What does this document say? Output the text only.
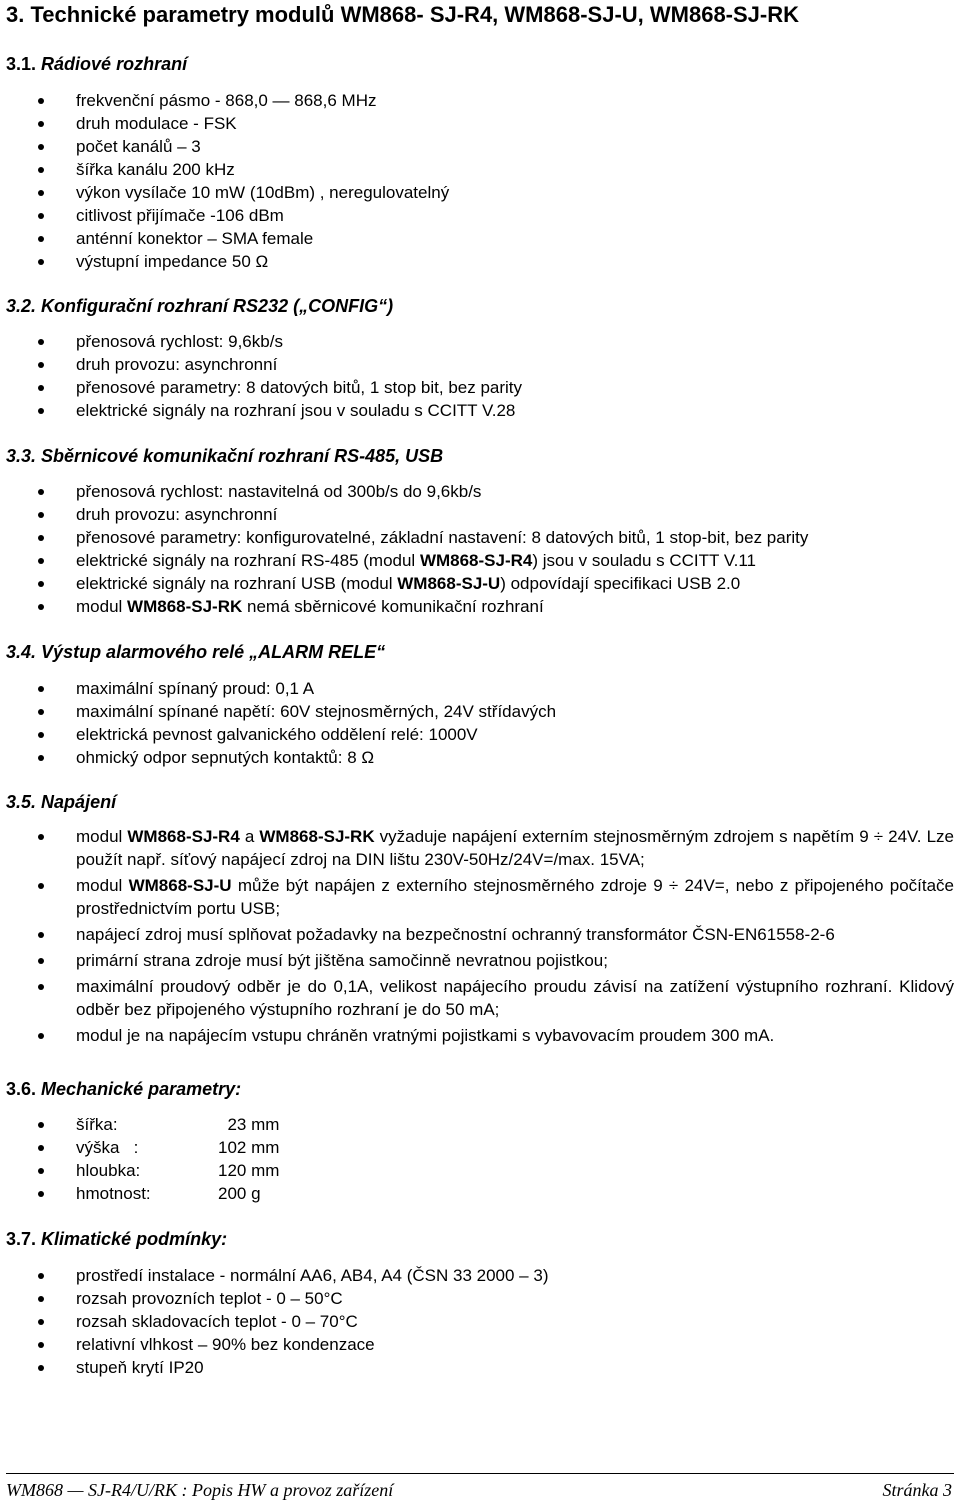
3. Technické parametry modulů WM868- SJ-R4, WM868-SJ-U, WM868-SJ-RK
3.1. Rádiové rozhraní
frekvenční pásmo - 868,0 — 868,6 MHz
druh modulace - FSK
počet kanálů – 3
šířka kanálu 200 kHz
výkon vysílače 10 mW (10dBm) , neregulovatelný
citlivost přijímače -106 dBm
anténní konektor – SMA female
výstupní impedance 50 Ω
3.2. Konfigurační rozhraní RS232 („CONFIG“)
přenosová rychlost: 9,6kb/s
druh provozu: asynchronní
přenosové parametry: 8 datových bitů, 1 stop bit, bez parity
elektrické signály na rozhraní jsou v souladu s CCITT V.28
3.3. Sběrnicové komunikační rozhraní RS-485, USB
přenosová rychlost: nastavitelná od 300b/s do 9,6kb/s
druh provozu: asynchronní
přenosové parametry: konfigurovatelné, základní nastavení: 8 datových bitů, 1 stop-bit, bez parity
elektrické signály na rozhraní RS-485 (modul WM868-SJ-R4) jsou v souladu s CCITT V.11
elektrické signály na rozhraní USB (modul WM868-SJ-U) odpovídají specifikaci USB 2.0
modul WM868-SJ-RK nemá sběrnicové komunikační rozhraní
3.4. Výstup alarmového relé „ALARM RELE“
maximální spínaný proud: 0,1 A
maximální spínané napětí: 60V stejnosměrných, 24V střídavých
elektrická pevnost galvanického oddělení relé: 1000V
ohmický odpor sepnutých kontaktů: 8 Ω
3.5. Napájení
modul WM868-SJ-R4 a WM868-SJ-RK vyžaduje napájení externím stejnosměrným zdrojem s napětím 9 ÷ 24V. Lze použít např. síťový napájecí zdroj na DIN lištu 230V-50Hz/24V=/max. 15VA;
modul WM868-SJ-U může být napájen z externího stejnosměrného zdroje 9 ÷ 24V=, nebo z připojeného počítače prostřednictvím portu USB;
napájecí zdroj musí splňovat požadavky na bezpečnostní ochranný transformátor ČSN-EN61558-2-6
primární strana zdroje musí být jištěna samočinně nevratnou pojistkou;
maximální proudový odběr je do 0,1A, velikost napájecího proudu závisí na zatížení výstupního rozhraní. Klidový odběr bez připojeného výstupního rozhraní je do 50 mA;
modul je na napájecím vstupu chráněn vratnými pojistkami s vybavovacím proudem 300 mA.
3.6. Mechanické parametry:
šířka:	23 mm
výška   :	102 mm
hloubka:	120 mm
hmotnost:	200 g
3.7. Klimatické podmínky:
prostředí instalace - normální AA6, AB4, A4 (ČSN 33 2000 – 3)
rozsah provozních teplot - 0 – 50°C
rozsah skladovacích teplot - 0 – 70°C
relativní vlhkost – 90% bez kondenzace
stupeň krytí IP20
WM868 — SJ-R4/U/RK : Popis HW a provoz zařízení	Stránka 3
